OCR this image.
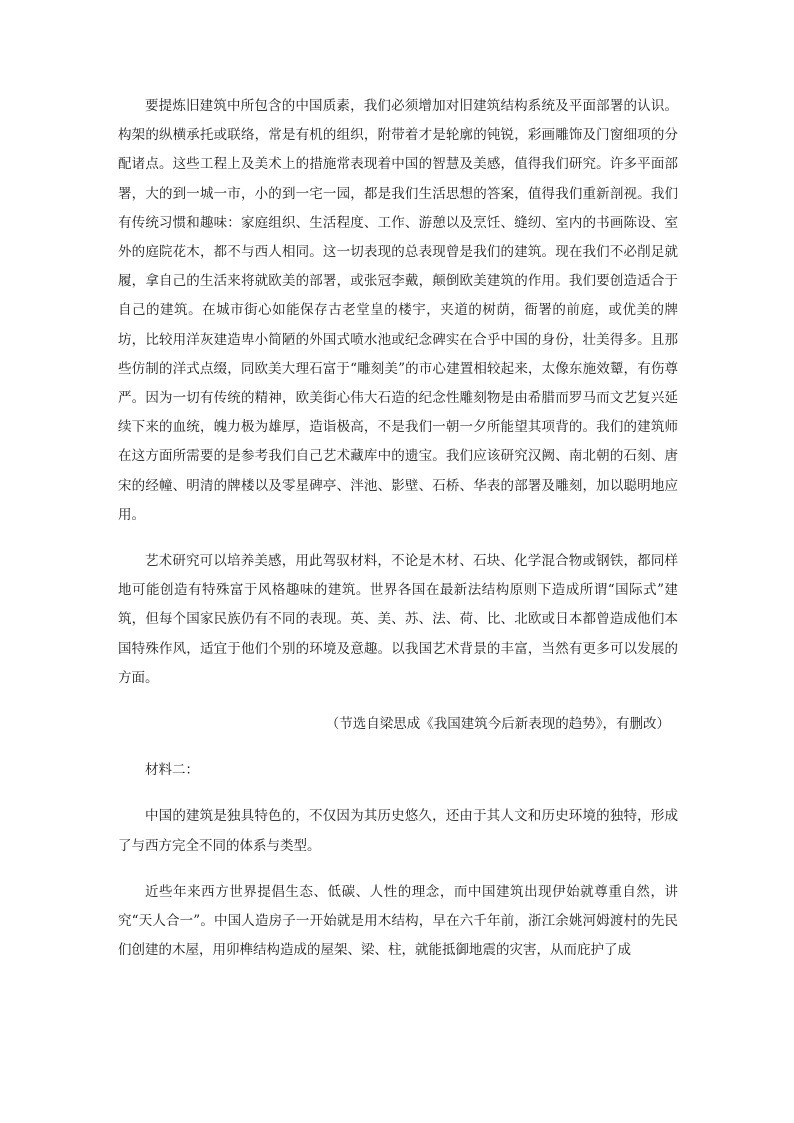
要提炼旧建筑中所包含的中国质素，我们必须增加对旧建筑结构系统及平面部署的认识。构架的纵横承托或联络，常是有机的组织，附带着才是轮廓的钝锐，彩画雕饰及门窗细项的分配诸点。这些工程上及美术上的措施常表现着中国的智慧及美感，值得我们研究。许多平面部署，大的到一城一市，小的到一宅一园，都是我们生活思想的答案，值得我们重新剖视。我们有传统习惯和趣味：家庭组织、生活程度、工作、游憩以及烹饪、缝纫、室内的书画陈设、室外的庭院花木，都不与西人相同。这一切表现的总表现曾是我们的建筑。现在我们不必削足就履，拿自己的生活来将就欧美的部署，或张冠李戴，颠倒欧美建筑的作用。我们要创造适合于自己的建筑。在城市街心如能保存古老堂皇的楼宇，夹道的树荫，衙署的前庭，或优美的牌坊，比较用洋灰建造卑小简陋的外国式喷水池或纪念碑实在合乎中国的身份，壮美得多。且那些仿制的洋式点缀，同欧美大理石富于“雕刻美”的市心建置相较起来，太像东施效颦，有伤尊严。因为一切有传统的精神，欧美街心伟大石造的纪念性雕刻物是由希腊而罗马而文艺复兴延续下来的血统，魄力极为雄厚，造诣极高，不是我们一朝一夕所能望其项背的。我们的建筑师在这方面所需要的是参考我们自己艺术藏库中的遗宝。我们应该研究汉阙、南北朝的石刻、唐宋的经幢、明清的牌楼以及零星碑亭、泮池、影壁、石桥、华表的部署及雕刻，加以聪明地应用。

艺术研究可以培养美感，用此驾驭材料，不论是木材、石块、化学混合物或钢铁，都同样地可能创造有特殊富于风格趣味的建筑。世界各国在最新法结构原则下造成所谓“国际式”建筑，但每个国家民族仍有不同的表现。英、美、苏、法、荷、比、北欧或日本都曾造成他们本国特殊作风，适宜于他们个别的环境及意趣。以我国艺术背景的丰富，当然有更多可以发展的方面。

（节选自梁思成《我国建筑今后新表现的趋势》，有删改）

材料二：

中国的建筑是独具特色的，不仅因为其历史悠久，还由于其人文和历史环境的独特，形成了与西方完全不同的体系与类型。

近些年来西方世界提倡生态、低碳、人性的理念，而中国建筑出现伊始就尊重自然，讲究“天人合一”。中国人造房子一开始就是用木结构，早在六千年前，浙江余姚河姆渡村的先民们创建的木屋，用卯榫结构造成的屋架、梁、柱，就能抵御地震的灾害，从而庇护了成
